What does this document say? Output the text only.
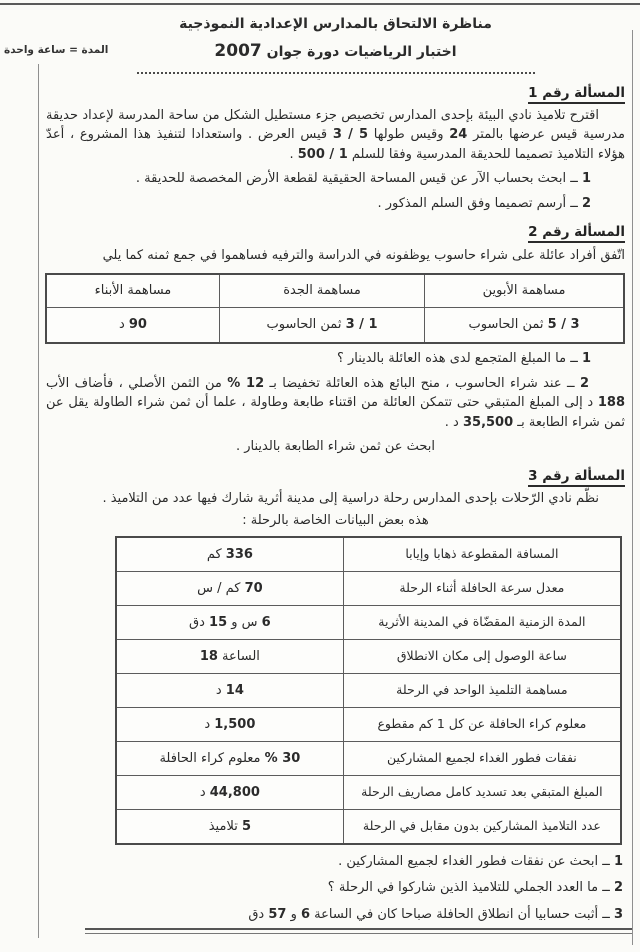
المدة = ساعة واحدة
مناظرة الالتحاق بالمدارس الإعدادية النموذجية
اختبار الرياضيات دورة جوان 2007
المسألة رقم 1
اقترح تلاميذ نادي البيئة بإحدى المدارس تخصيص جزء مستطيل الشكل من ساحة المدرسة لإعداد حديقة مدرسية قيس عرضها بالمتر 24 وقيس طولها 5 / 3 قيس العرض . واستعدادا لتنفيذ هذا المشروع ، أعدّ هؤلاء التلاميذ تصميما للحديقة المدرسية وفقا للسلم 1 / 500 .
1 ــ ابحث بحساب الآر عن قيس المساحة الحقيقية لقطعة الأرض المخصصة للحديقة .
2 ــ أرسم تصميما وفق السلم المذكور .
المسألة رقم 2
اتّفق أفراد عائلة على شراء حاسوب يوظفونه في الدراسة والترفيه فساهموا في جمع ثمنه كما يلي
مساهمة الأبوين	مساهمة الجدة	مساهمة الأبناء
3 / 5 ثمن الحاسوب	1 / 3 ثمن الحاسوب	90 د
1 ــ ما المبلغ المتجمع لدى هذه العائلة بالدينار ؟
2 ــ عند شراء الحاسوب ، منح البائع هذه العائلة تخفيضا بـ 12 % من الثمن الأصلي ، فأضاف الأب 188 د إلى المبلغ المتبقي حتى تتمكن العائلة من اقتناء طابعة وطاولة ، علما أن ثمن شراء الطاولة يقل عن ثمن شراء الطابعة بـ 35,500 د .
ابحث عن ثمن شراء الطابعة بالدينار .
المسألة رقم 3
نظّم نادي الرّحلات بإحدى المدارس رحلة دراسية إلى مدينة أثرية شارك فيها عدد من التلاميذ .
هذه بعض البيانات الخاصة بالرحلة :
المسافة المقطوعة ذهابا وإيابا	336 كم
معدل سرعة الحافلة أثناء الرحلة	70 كم / س
المدة الزمنية المقضّاة في المدينة الأثرية	6 س و 15 دق
ساعة الوصول إلى مكان الانطلاق	الساعة 18
مساهمة التلميذ الواحد في الرحلة	14 د
معلوم كراء الحافلة عن كل 1 كم مقطوع	1,500 د
نفقات فطور الغداء لجميع المشاركين	30 % معلوم كراء الحافلة
المبلغ المتبقي بعد تسديد كامل مصاريف الرحلة	44,800 د
عدد التلاميذ المشاركين بدون مقابل في الرحلة	5 تلاميذ
1 ــ ابحث عن نفقات فطور الغداء لجميع المشاركين .
2 ــ ما العدد الجملي للتلاميذ الذين شاركوا في الرحلة ؟
3 ــ أثبت حسابيا أن انطلاق الحافلة صباحا كان في الساعة 6 و 57 دق
